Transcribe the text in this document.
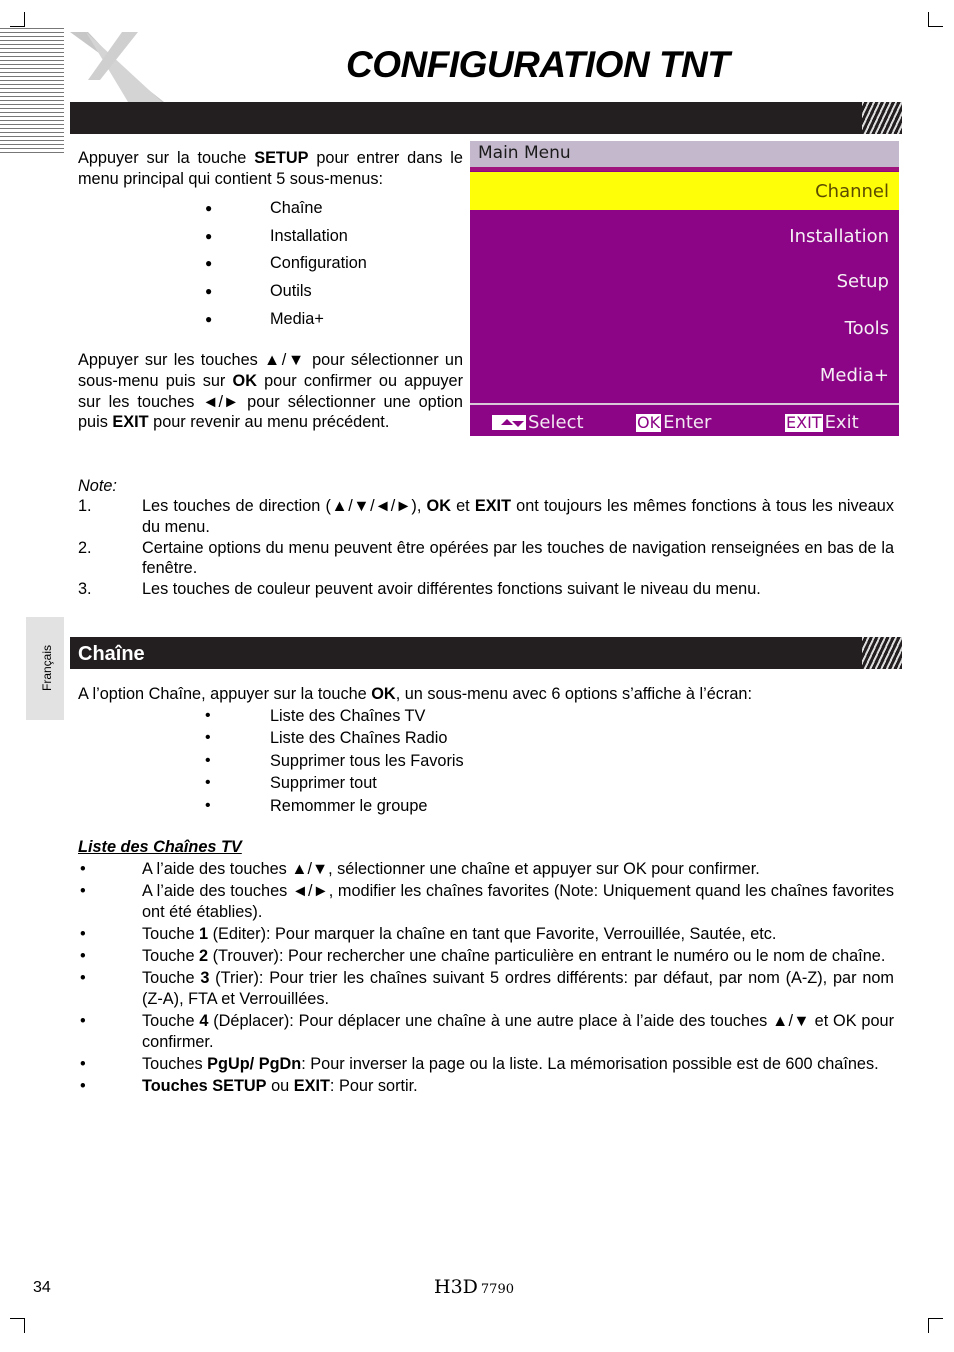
CONFIGURATION TNT
Appuyer sur la touche SETUP pour entrer dans le menu principal qui contient 5 sous-menus:
● Chaîne
● Installation
● Configuration
● Outils
● Media+
Appuyer sur les touches ▲/▼ pour sélectionner un sous-menu puis sur OK pour confirmer ou appuyer sur les touches ◄/► pour sélectionner une option puis EXIT pour revenir au menu précédent.
Main Menu
Channel
Installation
Setup
Tools
Media+
Select	OK Enter	EXIT Exit
Note:
1.	Les touches de direction (▲/▼/◄/►), OK et EXIT ont toujours les mêmes fonctions à tous les niveaux du menu.
2.	Certaine options du menu peuvent être opérées par les touches de navigation renseignées en bas de la fenêtre.
3.	Les touches de couleur peuvent avoir différentes fonctions suivant le niveau du menu.
Français Chaîne
A l’option Chaîne, appuyer sur la touche OK, un sous-menu avec 6 options s’affiche à l’écran:
• Liste des Chaînes TV
• Liste des Chaînes Radio
• Supprimer tous les Favoris
• Supprimer tout
• Remommer le groupe
Liste des Chaînes TV
• A l’aide des touches ▲/▼, sélectionner une chaîne et appuyer sur OK pour confirmer.
• A l’aide des touches ◄/►, modifier les chaînes favorites (Note: Uniquement quand les chaînes favorites ont été établies).
• Touche 1 (Editer): Pour marquer la chaîne en tant que Favorite, Verrouillée, Sautée, etc.
• Touche 2 (Trouver): Pour rechercher une chaîne particulière en entrant le numéro ou le nom de chaîne.
• Touche 3 (Trier): Pour trier les chaînes suivant 5 ordres différents: par défaut, par nom (A-Z), par nom (Z-A), FTA et Verrouillées.
• Touche 4 (Déplacer): Pour déplacer une chaîne à une autre place à l’aide des touches ▲/▼ et OK pour confirmer.
• Touches PgUp/ PgDn: Pour inverser la page ou la liste. La mémorisation possible est de 600 chaînes.
• Touches SETUP ou EXIT: Pour sortir.
34	H3D 7790
